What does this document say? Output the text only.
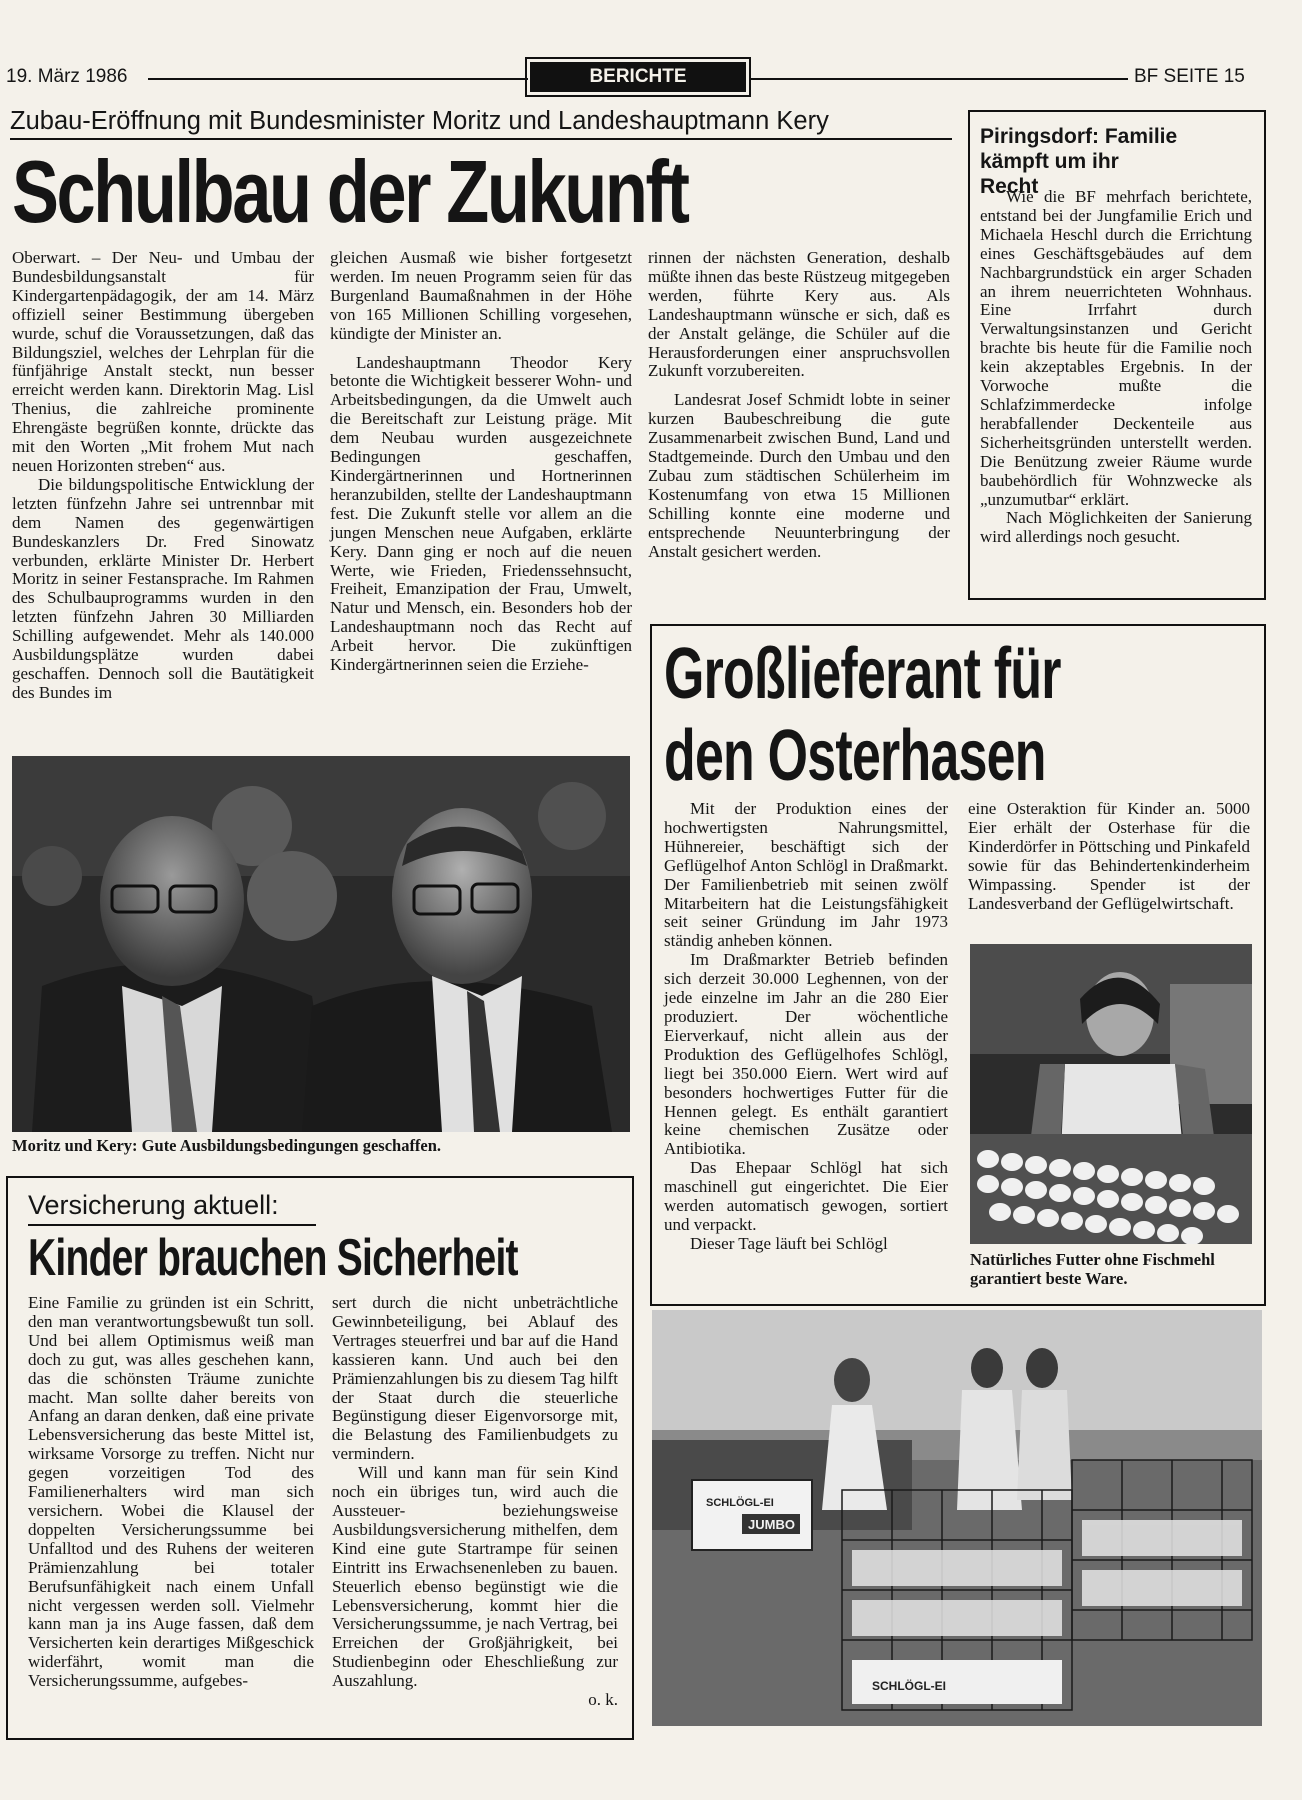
19. März 1986	BERICHTE	BF SEITE 15
Zubau-Eröffnung mit Bundesminister Moritz und Landeshauptmann Kery
Schulbau der Zukunft

Oberwart. – Der Neu- und Umbau der Bundesbildungsanstalt für Kindergartenpädagogik, der am 14. März offiziell seiner Bestimmung übergeben wurde, schuf die Voraussetzungen, daß das Bildungsziel, welches der Lehrplan für die fünfjährige Anstalt steckt, nun besser erreicht werden kann. Direktorin Mag. Lisl Thenius, die zahlreiche prominente Ehrengäste begrüßen konnte, drückte das mit den Worten „Mit frohem Mut nach neuen Horizonten streben“ aus.

Die bildungspolitische Entwicklung der letzten fünfzehn Jahre sei untrennbar mit dem Namen des gegenwärtigen Bundeskanzlers Dr. Fred Sinowatz verbunden, erklärte Minister Dr. Herbert Moritz in seiner Festansprache. Im Rahmen des Schulbauprogramms wurden in den letzten fünfzehn Jahren 30 Milliarden Schilling aufgewendet. Mehr als 140.000 Ausbildungsplätze wurden dabei geschaffen. Dennoch soll die Bautätigkeit des Bundes im

gleichen Ausmaß wie bisher fortgesetzt werden. Im neuen Programm seien für das Burgenland Baumaßnahmen in der Höhe von 165 Millionen Schilling vorgesehen, kündigte der Minister an.

Landeshauptmann Theodor Kery betonte die Wichtigkeit besserer Wohn- und Arbeitsbedingungen, da die Umwelt auch die Bereitschaft zur Leistung präge. Mit dem Neubau wurden ausgezeichnete Bedingungen geschaffen, Kindergärtnerinnen und Hortnerinnen heranzubilden, stellte der Landeshauptmann fest. Die Zukunft stelle vor allem an die jungen Menschen neue Aufgaben, erklärte Kery. Dann ging er noch auf die neuen Werte, wie Frieden, Friedenssehnsucht, Freiheit, Emanzipation der Frau, Umwelt, Natur und Mensch, ein. Besonders hob der Landeshauptmann noch das Recht auf Arbeit hervor. Die zukünftigen Kindergärtnerinnen seien die Erziehe-

rinnen der nächsten Generation, deshalb müßte ihnen das beste Rüstzeug mitgegeben werden, führte Kery aus. Als Landeshauptmann wünsche er sich, daß es der Anstalt gelänge, die Schüler auf die Herausforderungen einer anspruchsvollen Zukunft vorzubereiten.

Landesrat Josef Schmidt lobte in seiner kurzen Baubeschreibung die gute Zusammenarbeit zwischen Bund, Land und Stadtgemeinde. Durch den Umbau und den Zubau zum städtischen Schülerheim im Kostenumfang von etwa 15 Millionen Schilling konnte eine moderne und entsprechende Neuunterbringung der Anstalt gesichert werden.

Moritz und Kery: Gute Ausbildungsbedingungen geschaffen.
Piringsdorf: Familie kämpft um ihr Recht

Wie die BF mehrfach berichtete, entstand bei der Jungfamilie Erich und Michaela Heschl durch die Errichtung eines Geschäftsgebäudes auf dem Nachbargrundstück ein arger Schaden an ihrem neuerrichteten Wohnhaus. Eine Irrfahrt durch Verwaltungsinstanzen und Gericht brachte bis heute für die Familie noch kein akzeptables Ergebnis. In der Vorwoche mußte die Schlafzimmerdecke infolge herabfallender Deckenteile aus Sicherheitsgründen unterstellt werden. Die Benützung zweier Räume wurde baubehördlich für Wohnzwecke als „unzumutbar“ erklärt.

Nach Möglichkeiten der Sanierung wird allerdings noch gesucht.

Großlieferant für
den Osterhasen

Mit der Produktion eines der hochwertigsten Nahrungsmittel, Hühnereier, beschäftigt sich der Geflügelhof Anton Schlögl in Draßmarkt. Der Familienbetrieb mit seinen zwölf Mitarbeitern hat die Leistungsfähigkeit seit seiner Gründung im Jahr 1973 ständig anheben können.

Im Draßmarkter Betrieb befinden sich derzeit 30.000 Leghennen, von der jede einzelne im Jahr an die 280 Eier produziert. Der wöchentliche Eierverkauf, nicht allein aus der Produktion des Geflügelhofes Schlögl, liegt bei 350.000 Eiern. Wert wird auf besonders hochwertiges Futter für die Hennen gelegt. Es enthält garantiert keine chemischen Zusätze oder Antibiotika.

Das Ehepaar Schlögl hat sich maschinell gut eingerichtet. Die Eier werden automatisch gewogen, sortiert und verpackt.

Dieser Tage läuft bei Schlögl

eine Osteraktion für Kinder an. 5000 Eier erhält der Osterhase für die Kinderdörfer in Pöttsching und Pinkafeld sowie für das Behindertenkinderheim Wimpassing. Spender ist der Landesverband der Geflügelwirtschaft.

Natürliches Futter ohne Fischmehl garantiert beste Ware.
SCHLÖGL-EI
JUMBO
SCHLÖGL-EI
Versicherung aktuell:
Kinder brauchen Sicherheit

Eine Familie zu gründen ist ein Schritt, den man verantwortungsbewußt tun soll. Und bei allem Optimismus weiß man doch zu gut, was alles geschehen kann, das die schönsten Träume zunichte macht. Man sollte daher bereits von Anfang an daran denken, daß eine private Lebensversicherung das beste Mittel ist, wirksame Vorsorge zu treffen. Nicht nur gegen vorzeitigen Tod des Familienerhalters wird man sich versichern. Wobei die Klausel der doppelten Versicherungssumme bei Unfalltod und des Ruhens der weiteren Prämienzahlung bei totaler Berufsunfähigkeit nach einem Unfall nicht vergessen werden soll. Vielmehr kann man ja ins Auge fassen, daß dem Versicherten kein derartiges Mißgeschick widerfährt, womit man die Versicherungssumme, aufgebes-

sert durch die nicht unbeträchtliche Gewinnbeteiligung, bei Ablauf des Vertrages steuerfrei und bar auf die Hand kassieren kann. Und auch bei den Prämienzahlungen bis zu diesem Tag hilft der Staat durch die steuerliche Begünstigung dieser Eigenvorsorge mit, die Belastung des Familienbudgets zu vermindern.

Will und kann man für sein Kind noch ein übriges tun, wird auch die Aussteuer- beziehungsweise Ausbildungsversicherung mithelfen, dem Kind eine gute Startrampe für seinen Eintritt ins Erwachsenenleben zu bauen. Steuerlich ebenso begünstigt wie die Lebensversicherung, kommt hier die Versicherungssumme, je nach Vertrag, bei Erreichen der Großjährigkeit, bei Studienbeginn oder Eheschließung zur Auszahlung.

o. k.
